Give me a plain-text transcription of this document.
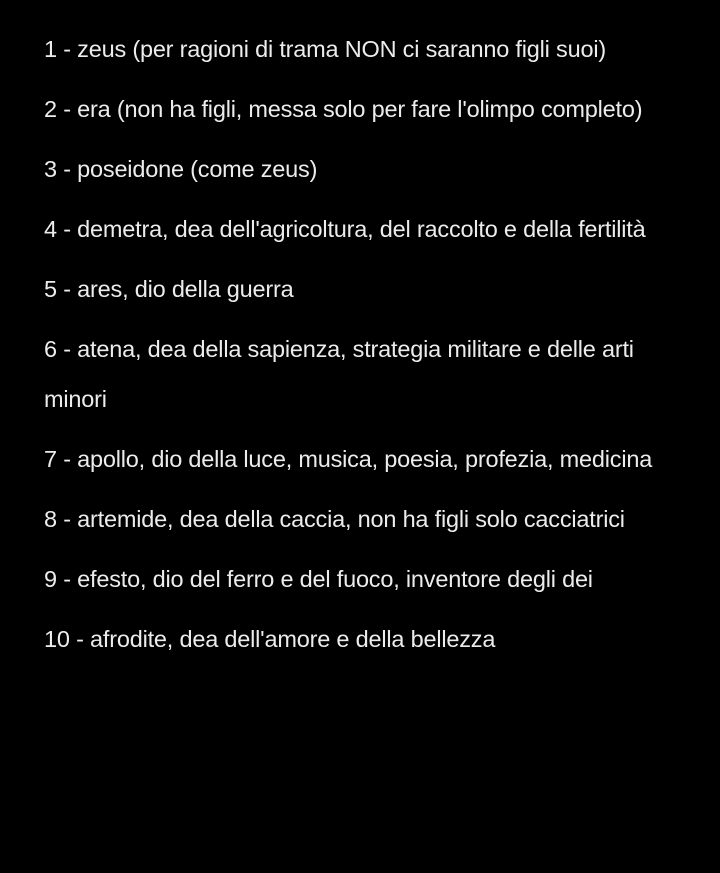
1 - zeus (per ragioni di trama NON ci saranno figli suoi)

2 - era (non ha figli, messa solo per fare l'olimpo completo)

3 - poseidone (come zeus)

4 - demetra, dea dell'agricoltura, del raccolto e della fertilità

5 - ares, dio della guerra

6 - atena, dea della sapienza, strategia militare e delle arti minori

7 - apollo, dio della luce, musica, poesia, profezia, medicina

8 - artemide, dea della caccia, non ha figli solo cacciatrici

9 - efesto, dio del ferro e del fuoco, inventore degli dei

10 - afrodite, dea dell'amore e della bellezza
